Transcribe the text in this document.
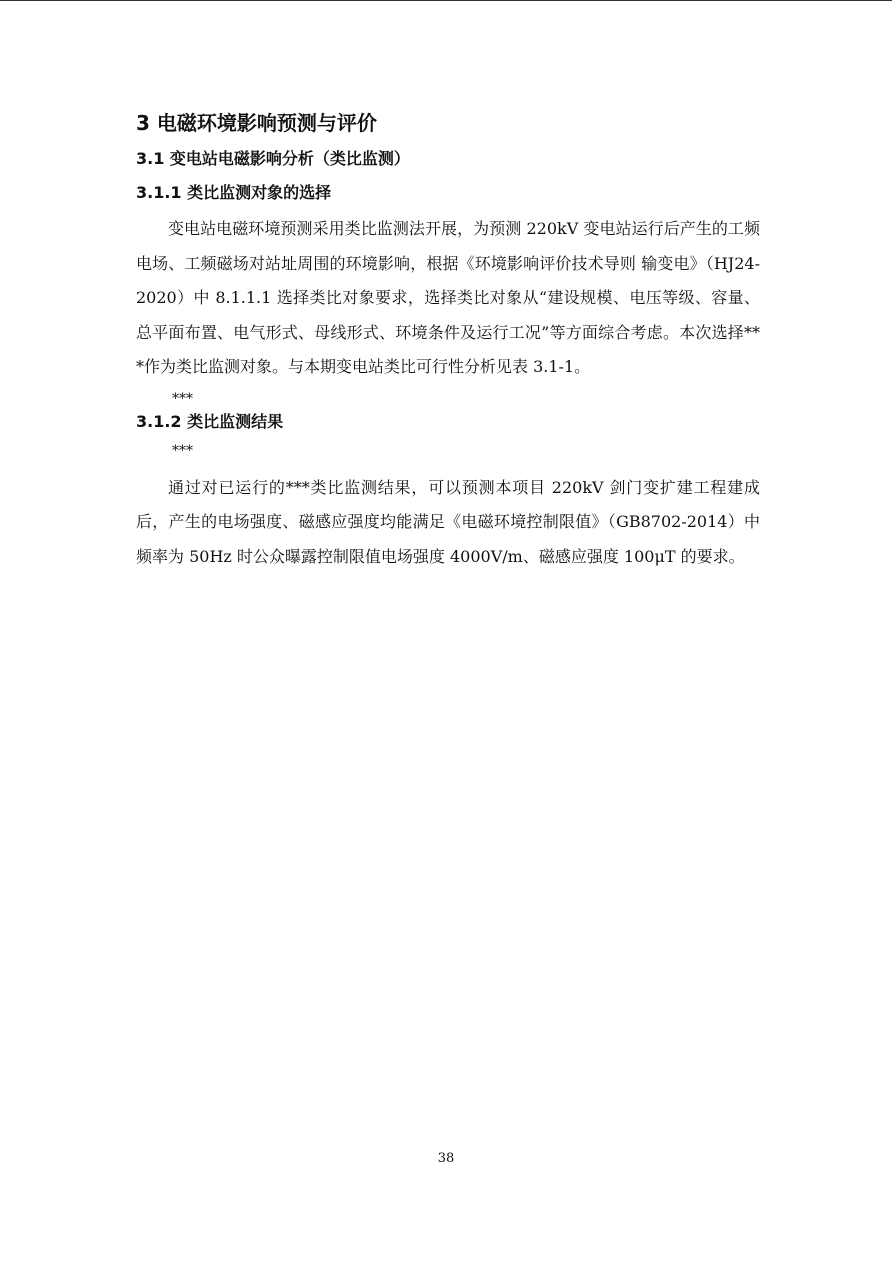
3 电磁环境影响预测与评价
3.1 变电站电磁影响分析（类比监测）
3.1.1 类比监测对象的选择

变电站电磁环境预测采用类比监测法开展，为预测 220kV 变电站运行后产生的工频电场、工频磁场对站址周围的环境影响，根据《环境影响评价技术导则 输变电》（HJ24-2020）中 8.1.1.1 选择类比对象要求，选择类比对象从“建设规模、电压等级、容量、总平面布置、电气形式、母线形式、环境条件及运行工况”等方面综合考虑。本次选择***作为类比监测对象。与本期变电站类比可行性分析见表 3.1-1。

***

3.1.2 类比监测结果

***

通过对已运行的***类比监测结果，可以预测本项目 220kV 剑门变扩建工程建成后，产生的电场强度、磁感应强度均能满足《电磁环境控制限值》（GB8702-2014）中频率为 50Hz 时公众曝露控制限值电场强度 4000V/m、磁感应强度 100μT 的要求。

38
